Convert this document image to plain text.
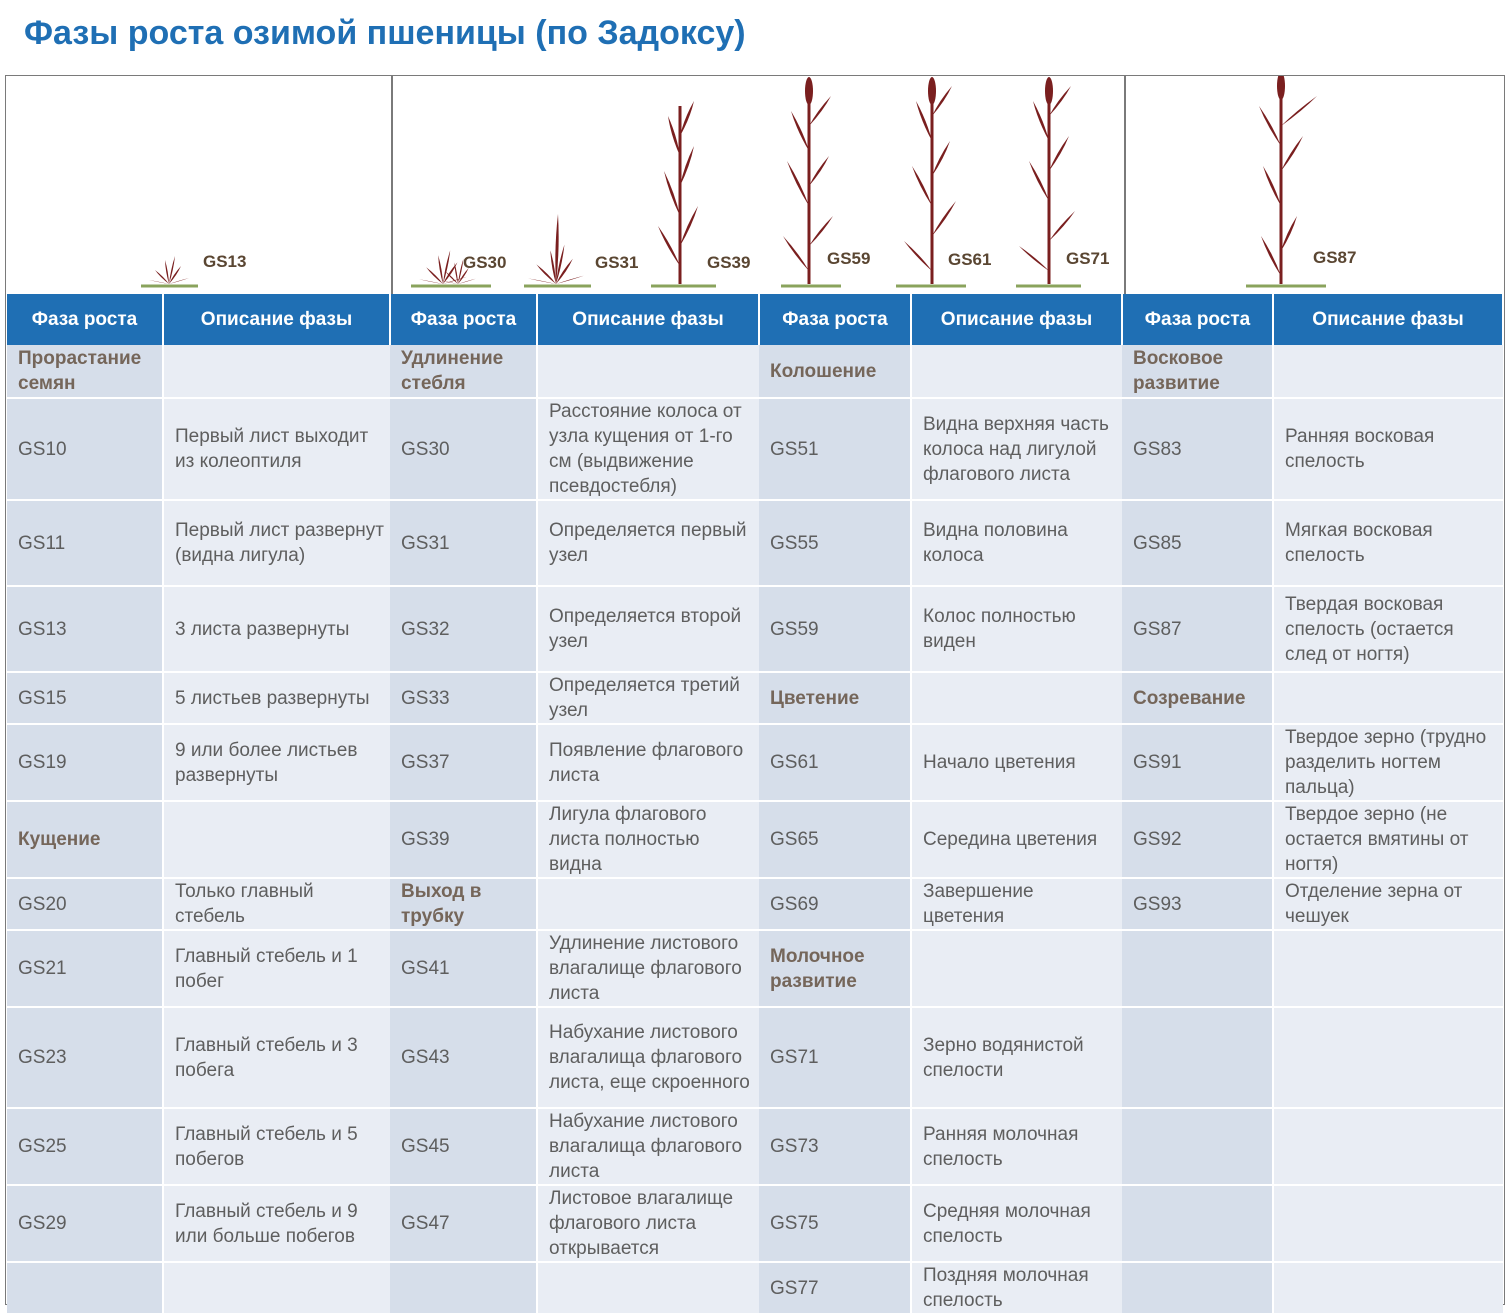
Фазы роста озимой пшеницы (по Задоксу)
GS13	GS30	GS31	GS39	GS59	GS61	GS71	GS87
Фаза роста	Описание фазы	Фаза роста	Описание фазы	Фаза роста	Описание фазы	Фаза роста	Описание фазы
Прорастание семян		Удлинение стебля		Колошение		Восковое развитие	
GS10	Первый лист выходит из колеоптиля	GS30	Расстояние колоса от узла кущения от 1-го см (выдвижение псевдостебля)	GS51	Видна верхняя часть колоса над лигулой флагового листа	GS83	Ранняя восковая спелость
GS11	Первый лист развернут (видна лигула)	GS31	Определяется первый узел	GS55	Видна половина колоса	GS85	Мягкая восковая спелость
GS13	3 листа развернуты	GS32	Определяется второй узел	GS59	Колос полностью виден	GS87	Твердая восковая спелость (остается след от ногтя)
GS15	5 листьев развернуты	GS33	Определяется третий узел	Цветение		Созревание	
GS19	9 или более листьев развернуты	GS37	Появление флагового листа	GS61	Начало цветения	GS91	Твердое зерно (трудно разделить ногтем пальца)
Кущение		GS39	Лигула флагового листа полностью видна	GS65	Середина цветения	GS92	Твердое зерно (не остается вмятины от ногтя)
GS20	Только главный стебель	Выход в трубку		GS69	Завершение цветения	GS93	Отделение зерна от чешуек
GS21	Главный стебель и 1 побег	GS41	Удлинение листового влагалище флагового листа	Молочное развитие			
GS23	Главный стебель и 3 побега	GS43	Набухание листового влагалища флагового листа, еще скроенного	GS71	Зерно водянистой спелости		
GS25	Главный стебель и 5 побегов	GS45	Набухание листового влагалища флагового листа	GS73	Ранняя молочная спелость		
GS29	Главный стебель и 9 или больше побегов	GS47	Листовое влагалище флагового листа открывается	GS75	Средняя молочная спелость		
				GS77	Поздняя молочная спелость		
